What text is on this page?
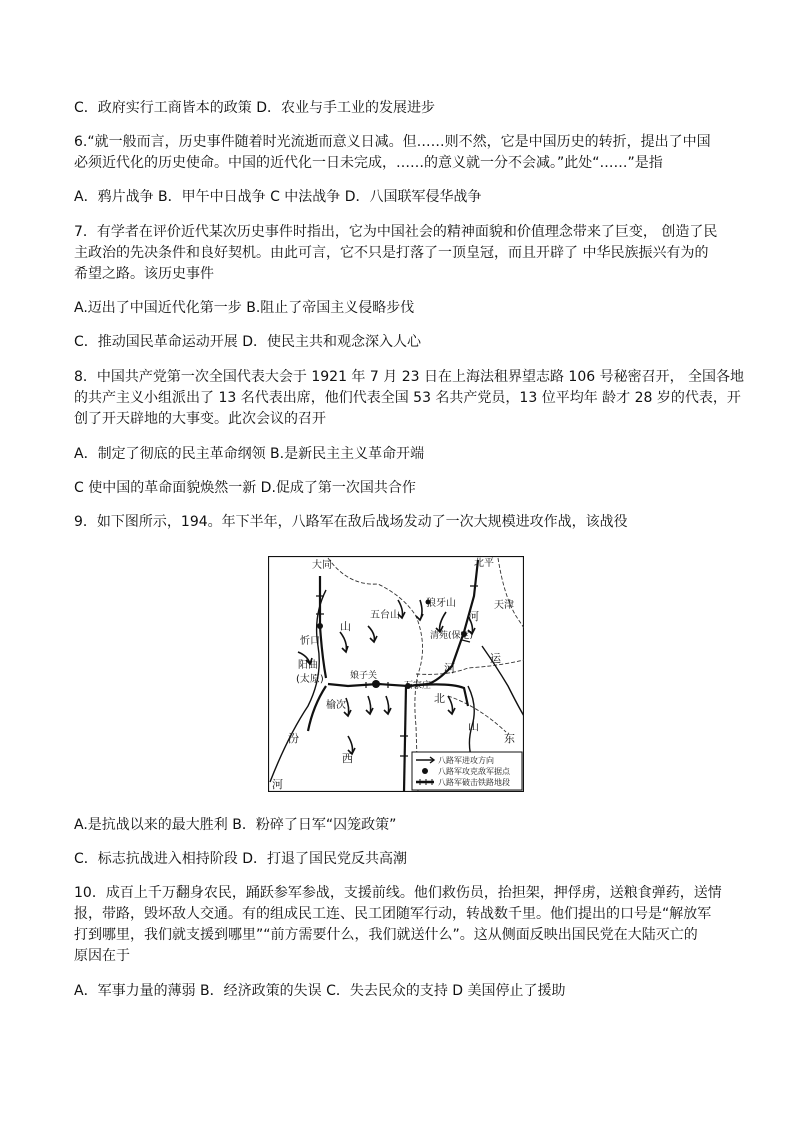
C．政府实行工商皆本的政策 D．农业与手工业的发展进步
6.“就一般而言，历史事件随着时光流逝而意义日减。但……则不然，它是中国历史的转折，提出了中国
必须近代化的历史使命。中国的近代化一日未完成，……的意义就一分不会减。”此处“……”是指
A．鸦片战争 B．甲午中日战争 C 中法战争 D．八国联军侵华战争
7．有学者在评价近代某次历史事件时指出，它为中国社会的精神面貌和价值理念带来了巨变， 创造了民
主政治的先决条件和良好契机。由此可言，它不只是打落了一顶皇冠，而且开辟了 中华民族振兴有为的
希望之路。该历史事件
A.迈出了中国近代化第一步 B.阻止了帝国主义侵略步伐
C．推动国民革命运动开展 D．使民主共和观念深入人心
8．中国共产党第一次全国代表大会于 1921 年 7 月 23 日在上海法租界望志路 106 号秘密召开， 全国各地
的共产主义小组派出了 13 名代表出席，他们代表全国 53 名共产党员，13 位平均年 龄才 28 岁的代表，开
创了开天辟地的大事变。此次会议的召开
A．制定了彻底的民主革命纲领 B.是新民主主义革命开端
C 使中国的革命面貌焕然一新 D.促成了第一次国共合作
9．如下图所示，194。年下半年，八路军在敌后战场发动了一次大规模进攻作战，该战役
A.是抗战以来的最大胜利 B．粉碎了日军“囚笼政策”
C．标志抗战进入相持阶段 D．打退了国民党反共高潮
10．成百上千万翻身农民，踊跃参军参战，支援前线。他们救伤员，抬担架，押俘虏，送粮食弹药，送情
报，带路，毁坏敌人交通。有的组成民工连、民工团随军行动，转战数千里。他们提出的口号是“解放军
打到哪里，我们就支援到哪里”“前方需要什么，我们就送什么”。这从侧面反映出国民党在大陆灭亡的
原因在于
A．军事力量的薄弱 B．经济政策的失误 C．失去民众的支持 D 美国停止了援助
大同	北平
天津
五台山
狼牙山
清苑(保定)
忻口
阳曲
(太原)	娘子关
石家庄
榆次
山
西
河
北
运
山
东
汾
河
河
八路军进攻方向
八路军攻克敌军据点
八路军破击铁路地段
